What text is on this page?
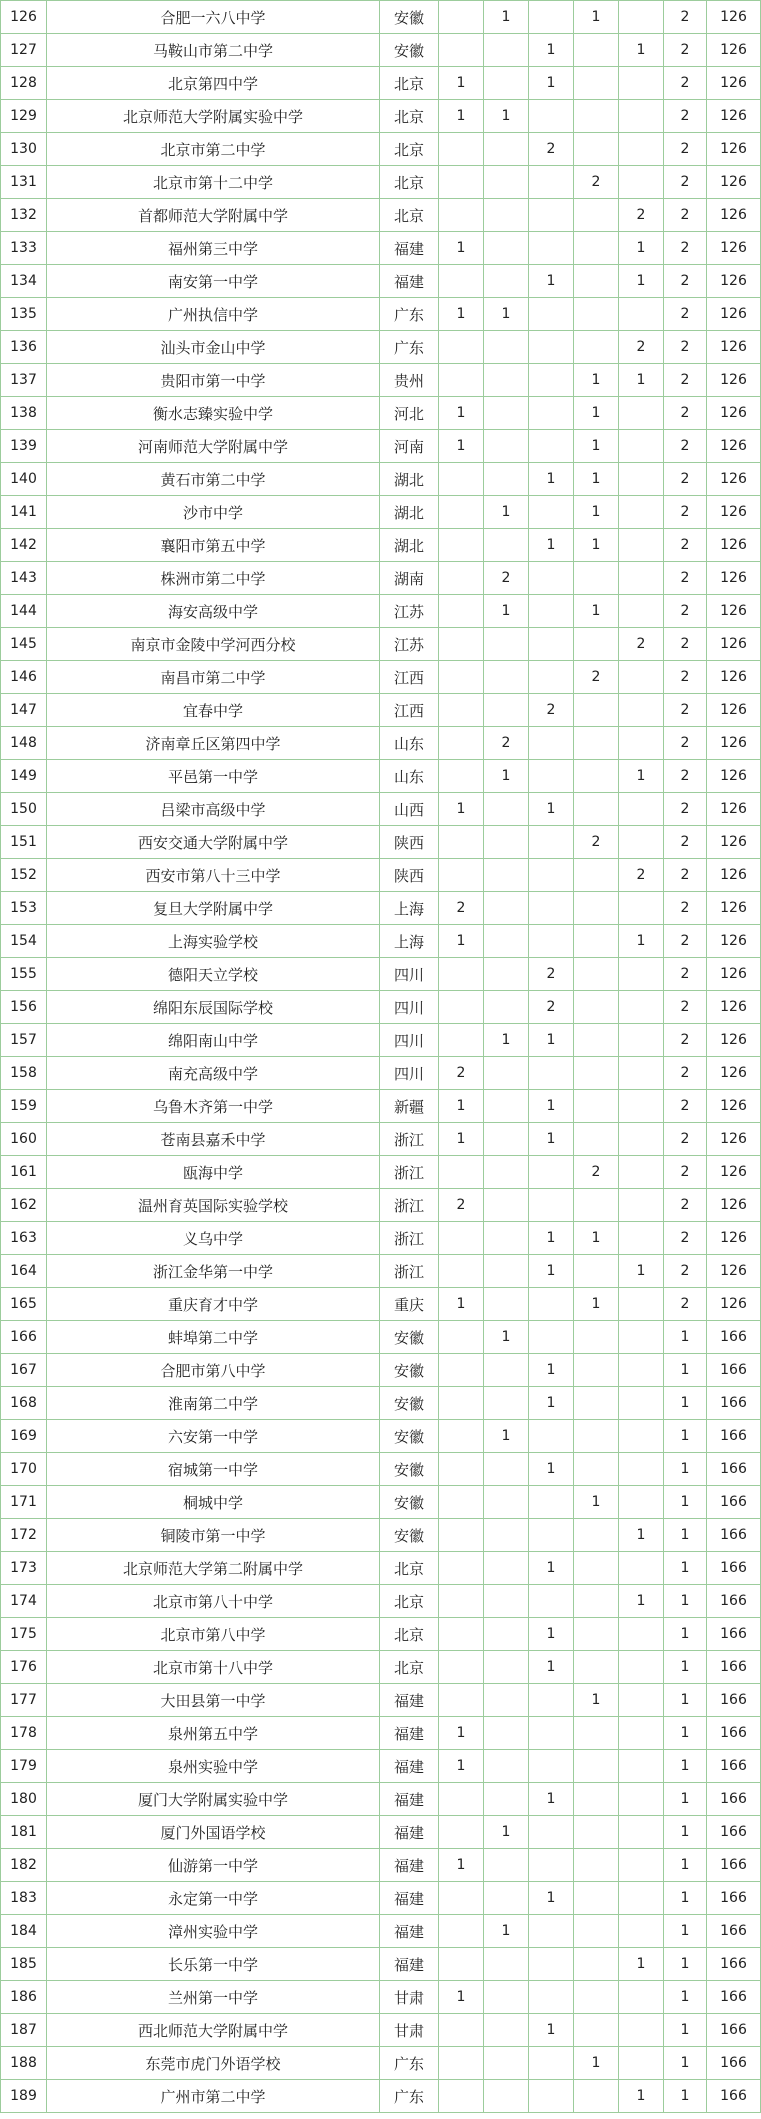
126	合肥一六八中学	安徽		1		1		2	126
127	马鞍山市第二中学	安徽			1		1	2	126
128	北京第四中学	北京	1		1			2	126
129	北京师范大学附属实验中学	北京	1	1				2	126
130	北京市第二中学	北京			2			2	126
131	北京市第十二中学	北京				2		2	126
132	首都师范大学附属中学	北京					2	2	126
133	福州第三中学	福建	1				1	2	126
134	南安第一中学	福建			1		1	2	126
135	广州执信中学	广东	1	1				2	126
136	汕头市金山中学	广东					2	2	126
137	贵阳市第一中学	贵州				1	1	2	126
138	衡水志臻实验中学	河北	1			1		2	126
139	河南师范大学附属中学	河南	1			1		2	126
140	黄石市第二中学	湖北			1	1		2	126
141	沙市中学	湖北		1		1		2	126
142	襄阳市第五中学	湖北			1	1		2	126
143	株洲市第二中学	湖南		2				2	126
144	海安高级中学	江苏		1		1		2	126
145	南京市金陵中学河西分校	江苏					2	2	126
146	南昌市第二中学	江西				2		2	126
147	宜春中学	江西			2			2	126
148	济南章丘区第四中学	山东		2				2	126
149	平邑第一中学	山东		1			1	2	126
150	吕梁市高级中学	山西	1		1			2	126
151	西安交通大学附属中学	陕西				2		2	126
152	西安市第八十三中学	陕西					2	2	126
153	复旦大学附属中学	上海	2					2	126
154	上海实验学校	上海	1				1	2	126
155	德阳天立学校	四川			2			2	126
156	绵阳东辰国际学校	四川			2			2	126
157	绵阳南山中学	四川		1	1			2	126
158	南充高级中学	四川	2					2	126
159	乌鲁木齐第一中学	新疆	1		1			2	126
160	苍南县嘉禾中学	浙江	1		1			2	126
161	瓯海中学	浙江				2		2	126
162	温州育英国际实验学校	浙江	2					2	126
163	义乌中学	浙江			1	1		2	126
164	浙江金华第一中学	浙江			1		1	2	126
165	重庆育才中学	重庆	1			1		2	126
166	蚌埠第二中学	安徽		1				1	166
167	合肥市第八中学	安徽			1			1	166
168	淮南第二中学	安徽			1			1	166
169	六安第一中学	安徽		1				1	166
170	宿城第一中学	安徽			1			1	166
171	桐城中学	安徽				1		1	166
172	铜陵市第一中学	安徽					1	1	166
173	北京师范大学第二附属中学	北京			1			1	166
174	北京市第八十中学	北京					1	1	166
175	北京市第八中学	北京			1			1	166
176	北京市第十八中学	北京			1			1	166
177	大田县第一中学	福建				1		1	166
178	泉州第五中学	福建	1					1	166
179	泉州实验中学	福建	1					1	166
180	厦门大学附属实验中学	福建			1			1	166
181	厦门外国语学校	福建		1				1	166
182	仙游第一中学	福建	1					1	166
183	永定第一中学	福建			1			1	166
184	漳州实验中学	福建		1				1	166
185	长乐第一中学	福建					1	1	166
186	兰州第一中学	甘肃	1					1	166
187	西北师范大学附属中学	甘肃			1			1	166
188	东莞市虎门外语学校	广东				1		1	166
189	广州市第二中学	广东					1	1	166
